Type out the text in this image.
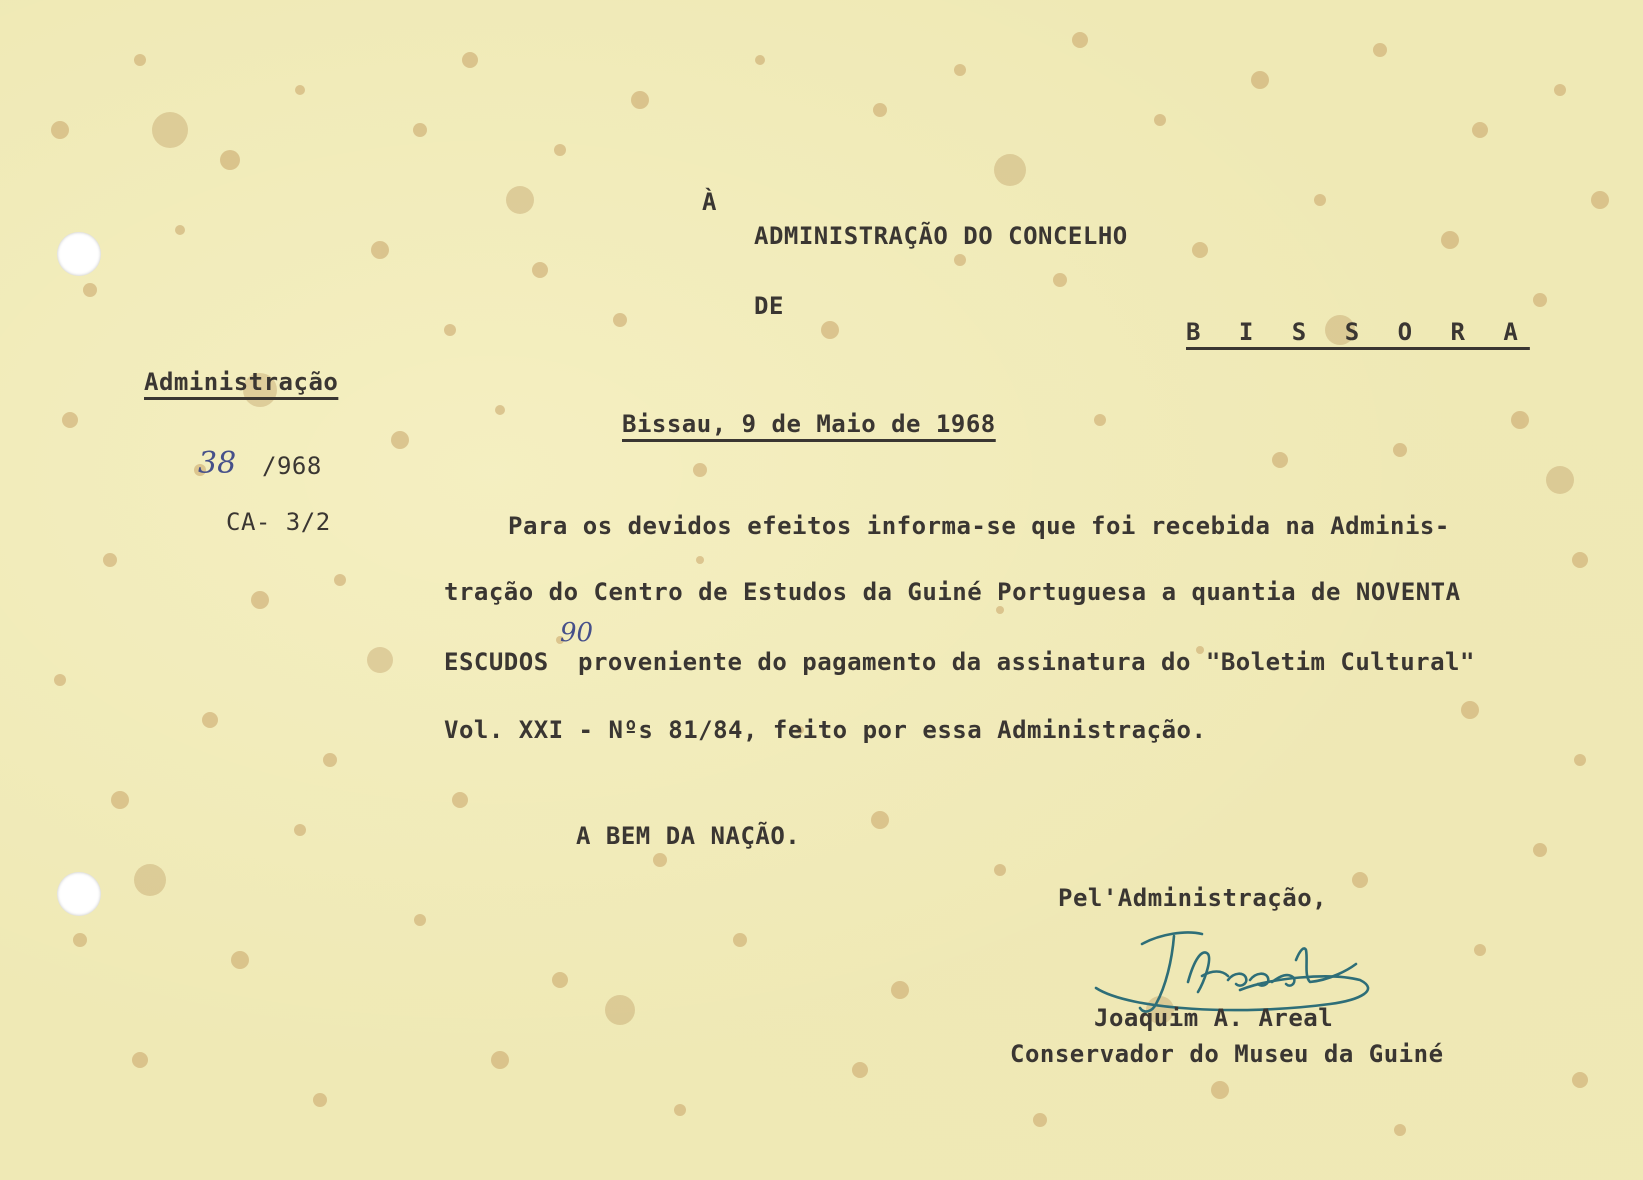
À
ADMINISTRAÇÃO DO CONCELHO
DE
B I S S O R A
Administração
38 /968
CA- 3/2
Bissau, 9 de Maio de 1968
Para os devidos efeitos informa-se que foi recebida na Adminis-
tração do Centro de Estudos da Guiné Portuguesa a quantia de NOVENTA
ESCUDOS
90
proveniente do pagamento da assinatura do "Boletim Cultural"
Vol. XXI - Nºs 81/84, feito por essa Administração.
A BEM DA NAÇÃO.
Pel'Administração,
Joaquim A. Areal
Conservador do Museu da Guiné
